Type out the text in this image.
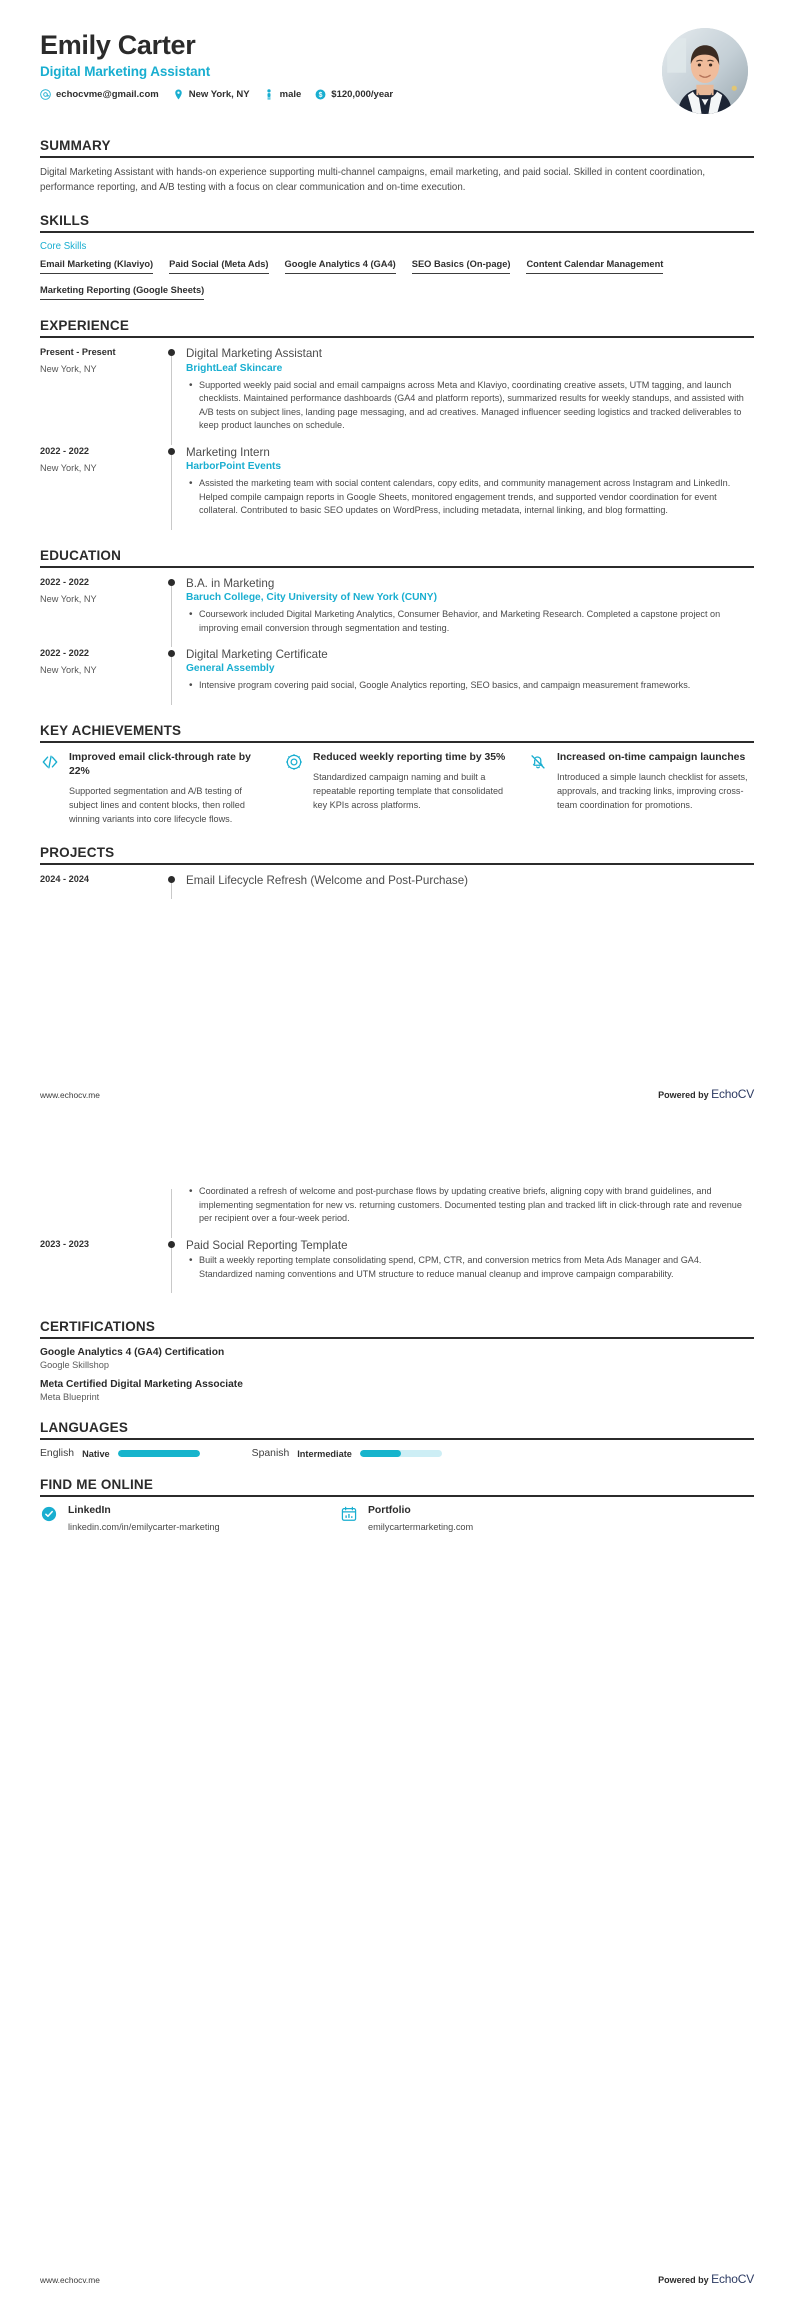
Emily Carter
Digital Marketing Assistant
echocvme@gmail.com	New York, NY	male $ $120,000/year
SUMMARY

Digital Marketing Assistant with hands-on experience supporting multi-channel campaigns, email marketing, and paid social. Skilled in content coordination, performance reporting, and A/B testing with a focus on clear communication and on-time execution.

SKILLS
Core Skills
Email Marketing (Klaviyo) Paid Social (Meta Ads) Google Analytics 4 (GA4) SEO Basics (On-page) Content Calendar Management
Marketing Reporting (Google Sheets)
EXPERIENCE
Present - Present
New York, NY
Digital Marketing Assistant
BrightLeaf Skincare
• Supported weekly paid social and email campaigns across Meta and Klaviyo, coordinating creative assets, UTM tagging, and launch checklists. Maintained performance dashboards (GA4 and platform reports), summarized results for weekly standups, and assisted with A/B tests on subject lines, landing page messaging, and ad creatives. Managed influencer seeding logistics and tracked deliverables to keep product launches on schedule.
2022 - 2022
New York, NY
Marketing Intern
HarborPoint Events
• Assisted the marketing team with social content calendars, copy edits, and community management across Instagram and LinkedIn. Helped compile campaign reports in Google Sheets, monitored engagement trends, and supported vendor coordination for event collateral. Contributed to basic SEO updates on WordPress, including metadata, internal linking, and blog formatting.
EDUCATION
2022 - 2022
New York, NY
B.A. in Marketing
Baruch College, City University of New York (CUNY)
• Coursework included Digital Marketing Analytics, Consumer Behavior, and Marketing Research. Completed a capstone project on improving email conversion through segmentation and testing.
2022 - 2022
New York, NY
Digital Marketing Certificate
General Assembly
• Intensive program covering paid social, Google Analytics reporting, SEO basics, and campaign measurement frameworks.
KEY ACHIEVEMENTS
Improved email click-through rate by 22%
Supported segmentation and A/B testing of subject lines and content blocks, then rolled winning variants into core lifecycle flows.
Reduced weekly reporting time by 35%
Standardized campaign naming and built a repeatable reporting template that consolidated key KPIs across platforms.
Increased on-time campaign launches
Introduced a simple launch checklist for assets, approvals, and tracking links, improving cross-team coordination for promotions.
PROJECTS
2024 - 2024	Email Lifecycle Refresh (Welcome and Post-Purchase)
www.echocv.me	Powered by EchoCV
• Coordinated a refresh of welcome and post-purchase flows by updating creative briefs, aligning copy with brand guidelines, and implementing segmentation for new vs. returning customers. Documented testing plan and tracked lift in click-through rate and revenue per recipient over a four-week period.
2023 - 2023	Paid Social Reporting Template
• Built a weekly reporting template consolidating spend, CPM, CTR, and conversion metrics from Meta Ads Manager and GA4. Standardized naming conventions and UTM structure to reduce manual cleanup and improve campaign comparability.
CERTIFICATIONS
Google Analytics 4 (GA4) Certification
Google Skillshop
Meta Certified Digital Marketing Associate
Meta Blueprint
LANGUAGES
English Native	Spanish Intermediate
FIND ME ONLINE
LinkedIn
linkedin.com/in/emilycarter-marketing
Portfolio
emilycartermarketing.com
www.echocv.me	Powered by EchoCV
